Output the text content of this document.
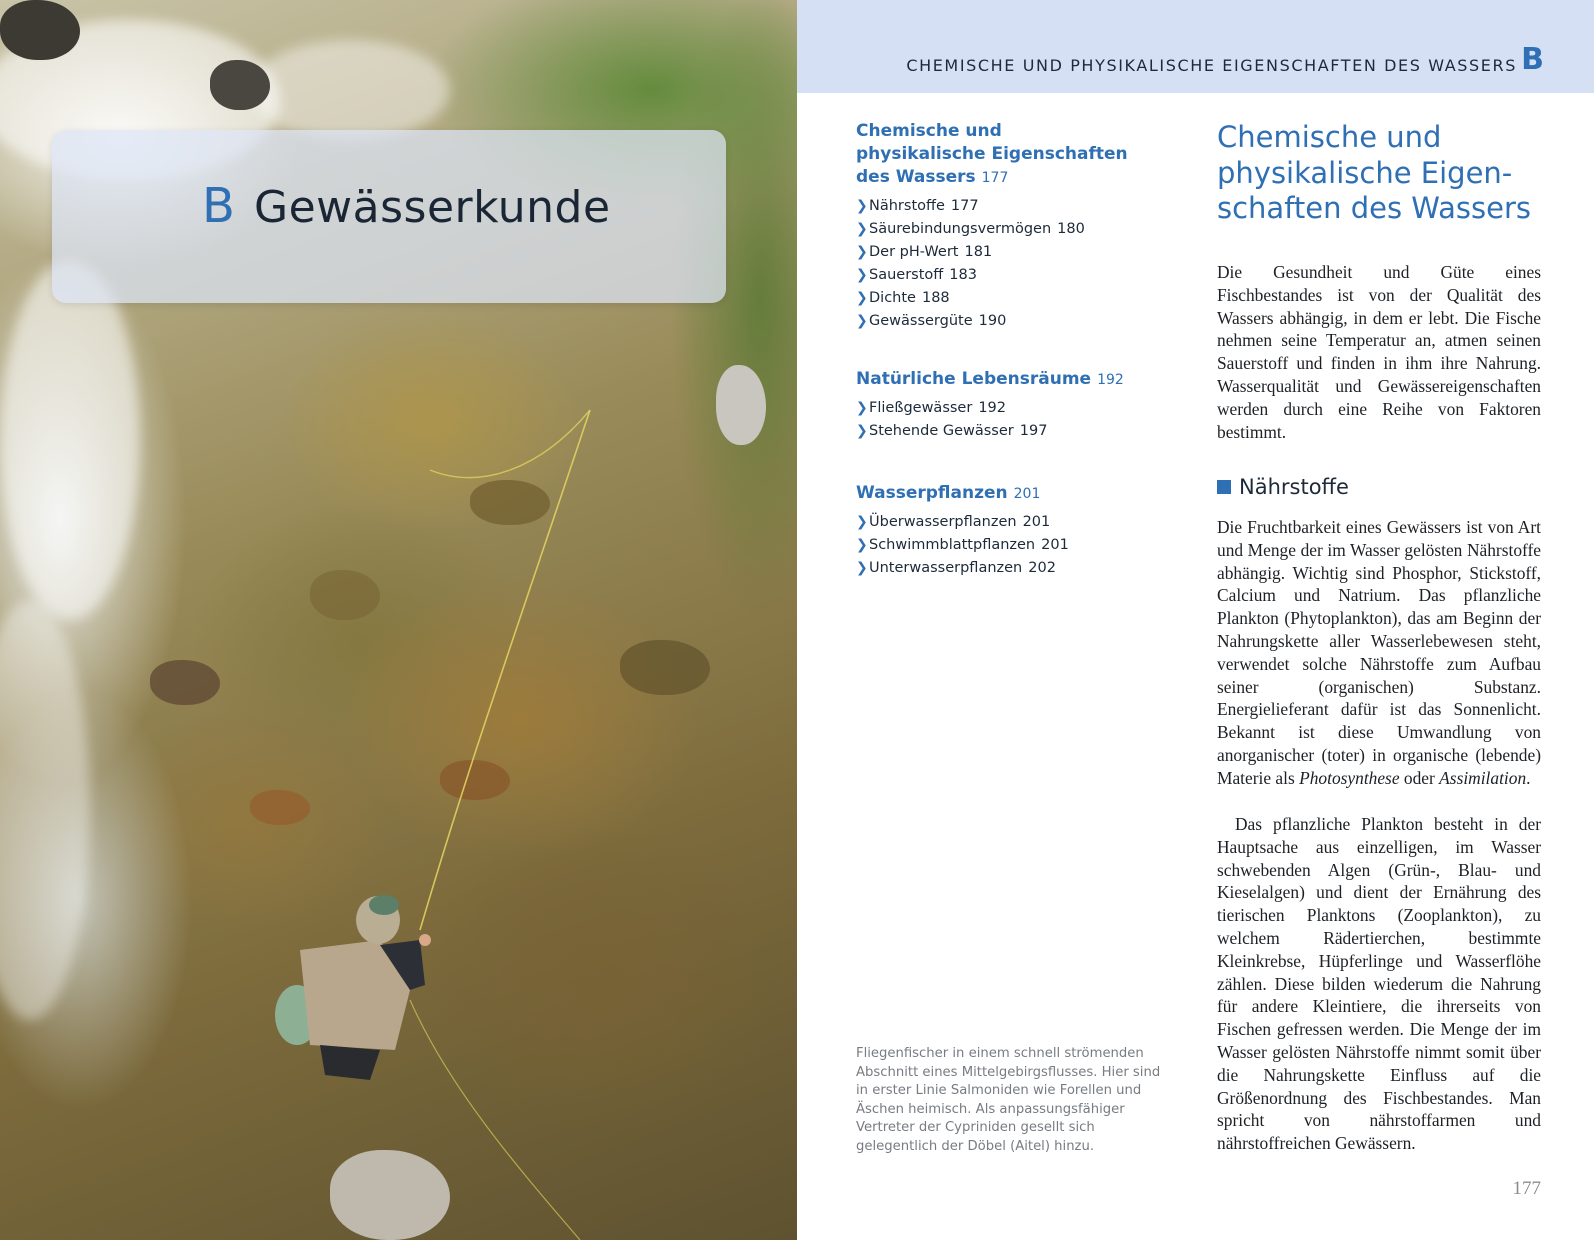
B Gewässerkunde
CHEMISCHE UND PHYSIKALISCHE EIGENSCHAFTEN DES WASSERS B
Chemische und
physikalische Eigenschaften
des Wassers 177
❯ Nährstoffe 177
❯ Säurebindungsvermögen 180
❯ Der pH-Wert 181
❯ Sauerstoff 183
❯ Dichte 188
❯ Gewässergüte 190
Natürliche Lebensräume 192
❯ Fließgewässer 192
❯ Stehende Gewässer 197
Wasserpflanzen 201
❯ Überwasserpflanzen 201
❯ Schwimmblattpflanzen 201
❯ Unterwasserpflanzen 202
Fliegenfischer in einem schnell strömenden Abschnitt eines Mittelgebirgsflusses. Hier sind in erster Linie Salmoniden wie Forellen und Äschen heimisch. Als anpassungsfähiger Vertreter der Cypriniden gesellt sich gelegentlich der Döbel (Aitel) hinzu.
Chemische und
physikalische Eigen-
schaften des Wassers

Die Gesundheit und Güte eines Fischbestandes ist von der Qualität des Wassers abhängig, in dem er lebt. Die Fische nehmen seine Temperatur an, atmen seinen Sauerstoff und finden in ihm ihre Nahrung. Wasserqualität und Gewässereigenschaften werden durch eine Reihe von Faktoren bestimmt.

Nährstoffe

Die Fruchtbarkeit eines Gewässers ist von Art und Menge der im Wasser gelösten Nährstoffe abhängig. Wichtig sind Phosphor, Stickstoff, Calcium und Natrium. Das pflanzliche Plankton (Phytoplankton), das am Beginn der Nahrungskette aller Wasserlebewesen steht, verwendet solche Nährstoffe zum Aufbau seiner (organischen) Substanz. Energielieferant dafür ist das Sonnenlicht. Bekannt ist diese Umwandlung von anorganischer (toter) in organische (lebende) Materie als Photosynthese oder Assimilation.

Das pflanzliche Plankton besteht in der Hauptsache aus einzelligen, im Wasser schwebenden Algen (Grün-, Blau- und Kieselalgen) und dient der Ernährung des tierischen Planktons (Zooplankton), zu welchem Rädertierchen, bestimmte Kleinkrebse, Hüpferlinge und Wasserflöhe zählen. Diese bilden wiederum die Nahrung für andere Kleintiere, die ihrerseits von Fischen gefressen werden. Die Menge der im Wasser gelösten Nährstoffe nimmt somit über die Nahrungskette Einfluss auf die Größenordnung des Fischbestandes. Man spricht von nährstoffarmen und nährstoffreichen Gewässern.

177
